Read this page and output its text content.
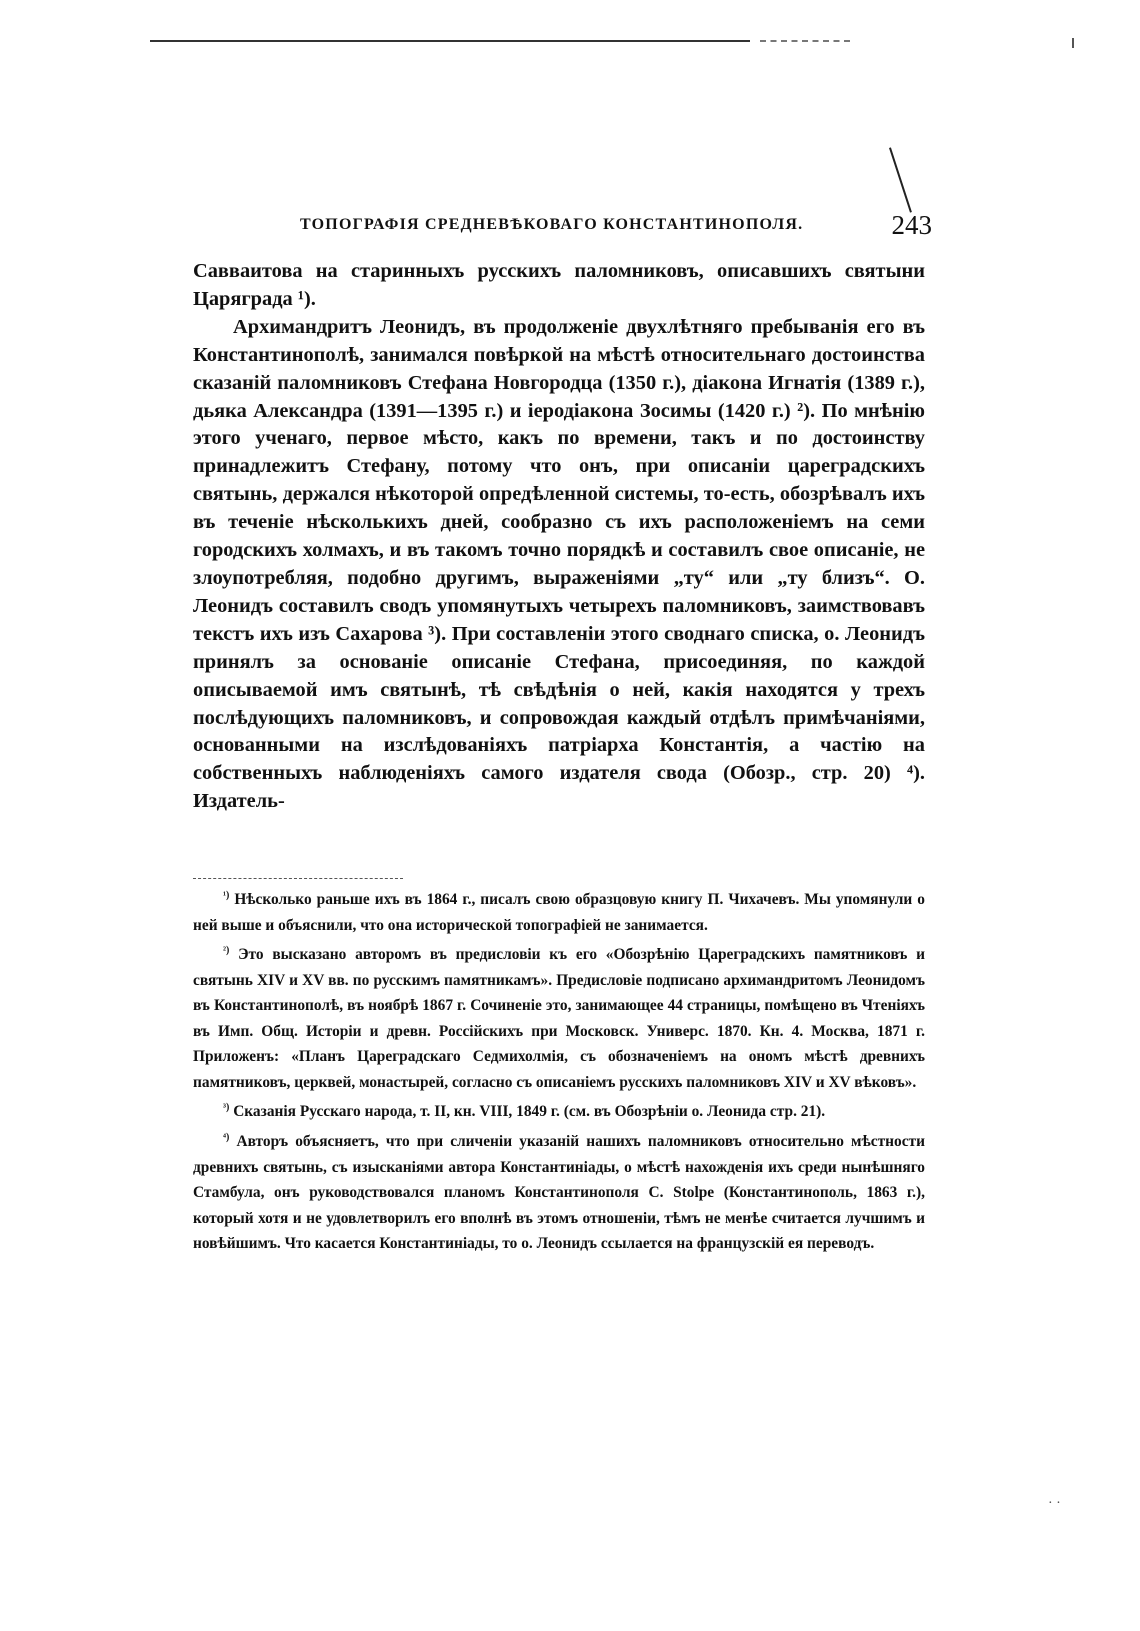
ТОПОГРАФІЯ СРЕДНЕВѢКОВАГО КОНСТАНТИНОПОЛЯ.	243

Савваитова на старинныхъ русскихъ паломниковъ, описавшихъ святыни Царяграда ¹).

Архимандритъ Леонидъ, въ продолженіе двухлѣтняго пребыванія его въ Константинополѣ, занимался повѣркой на мѣстѣ относительнаго достоинства сказаній паломниковъ Стефана Новгородца (1350 г.), діакона Игнатія (1389 г.), дьяка Александра (1391—1395 г.) и іеродіакона Зосимы (1420 г.) ²). По мнѣнію этого ученаго, первое мѣсто, какъ по времени, такъ и по достоинству принадлежитъ Стефану, потому что онъ, при описаніи цареградскихъ святынь, держался нѣкоторой опредѣленной системы, то-есть, обозрѣвалъ ихъ въ теченіе нѣсколькихъ дней, сообразно съ ихъ расположеніемъ на семи городскихъ холмахъ, и въ такомъ точно порядкѣ и составилъ свое описаніе, не злоупотребляя, подобно другимъ, выраженіями „ту“ или „ту близъ“. О. Леонидъ составилъ сводъ упомянутыхъ четырехъ паломниковъ, заимствовавъ текстъ ихъ изъ Сахарова ³). При составленіи этого своднаго списка, о. Леонидъ принялъ за основаніе описаніе Стефана, присоединяя, по каждой описываемой имъ святынѣ, тѣ свѣдѣнія о ней, какія находятся у трехъ послѣдующихъ паломниковъ, и сопровождая каждый отдѣлъ примѣчаніями, основанными на изслѣдованіяхъ патріарха Константія, а частію на собственныхъ наблюденіяхъ самого издателя свода (Обозр., стр. 20) ⁴). Издатель-

$^{^1)}$ Нѣсколько раньше ихъ въ 1864 г., писалъ свою образцовую книгу П. Чихачевъ. Мы упомянули о ней выше и объяснили, что она исторической топографіей не занимается.

$^{^2)}$ Это высказано авторомъ въ предисловіи къ его «Обозрѣнію Цареградскихъ памятниковъ и святынь XIV и XV вв. по русскимъ памятникамъ». Предисловіе подписано архимандритомъ Леонидомъ въ Константинополѣ, въ ноябрѣ 1867 г. Сочиненіе это, занимающее 44 страницы, помѣщено въ Чтеніяхъ въ Имп. Общ. Исторіи и древн. Россійскихъ при Московск. Универс. 1870. Кн. 4. Москва, 1871 г. Приложенъ: «Планъ Цареградскаго Седмихолмія, съ обозначеніемъ на ономъ мѣстѣ древнихъ памятниковъ, церквей, монастырей, согласно съ описаніемъ русскихъ паломниковъ XIV и XV вѣковъ».

$^{^3)}$ Сказанія Русскаго народа, т. II, кн. VIII, 1849 г. (см. въ Обозрѣніи о. Леонида стр. 21).

$^{^4)}$ Авторъ объясняетъ, что при сличеніи указаній нашихъ паломниковъ относительно мѣстности древнихъ святынь, съ изысканіями автора Константиніады, о мѣстѣ нахожденія ихъ среди нынѣшняго Стамбула, онъ руководствовался планомъ Константинополя C. Stolpe (Константинополь, 1863 г.), который хотя и не удовлетворилъ его вполнѣ въ этомъ отношеніи, тѣмъ не менѣе считается лучшимъ и новѣйшимъ. Что касается Константиніады, то о. Леонидъ ссылается на французскій ея переводъ.

· ·
